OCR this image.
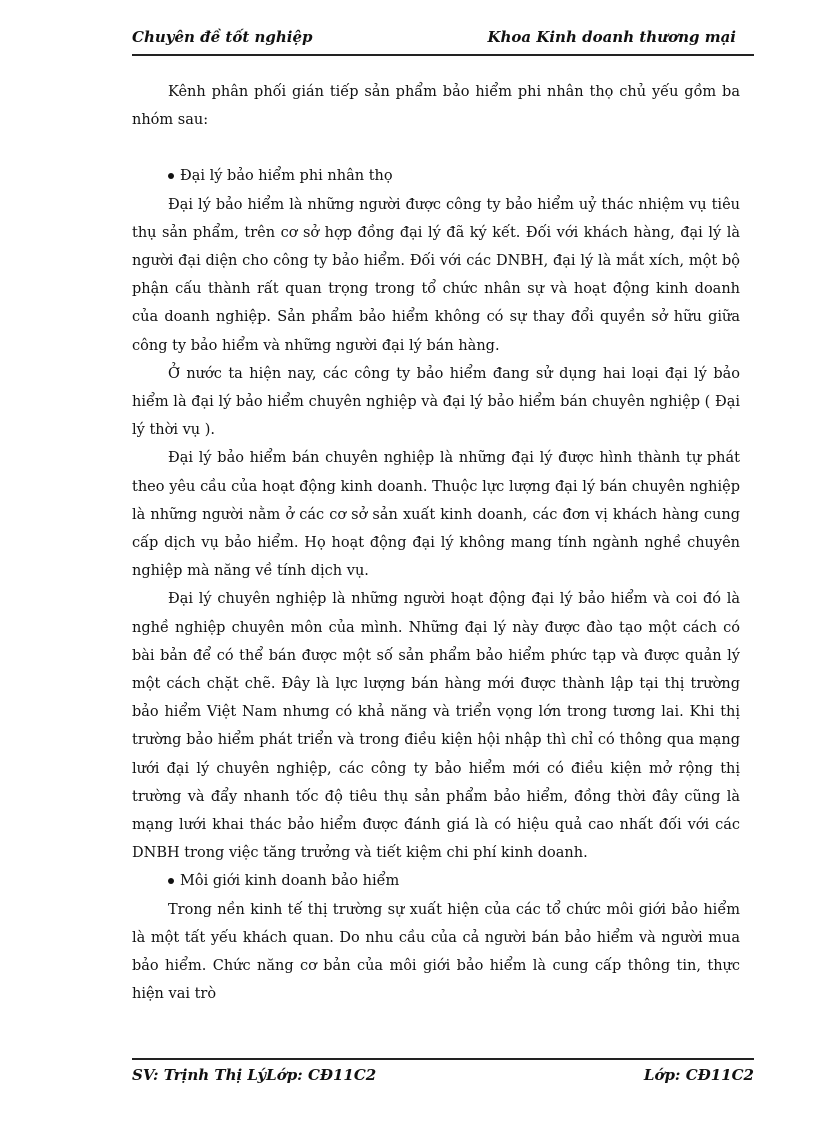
Chuyên đề tốt nghiệp	Khoa Kinh doanh thương mại

Kênh phân phối gián tiếp sản phẩm bảo hiểm phi nhân thọ chủ yếu gồm ba nhóm sau:

Đại lý bảo hiểm phi nhân thọ

Đại lý bảo hiểm là những người được công ty bảo hiểm uỷ thác nhiệm vụ tiêu thụ sản phẩm, trên cơ sở hợp đồng đại lý đã ký kết. Đối với khách hàng, đại lý là người đại diện cho công ty bảo hiểm. Đối với các DNBH, đại lý là mắt xích, một bộ phận cấu thành rất quan trọng trong tổ chức nhân sự và hoạt động kinh doanh của doanh nghiệp. Sản phẩm bảo hiểm không có sự thay đổi quyền sở hữu giữa công ty bảo hiểm và những người đại lý bán hàng.

Ở nước ta hiện nay, các công ty bảo hiểm đang sử dụng hai loại đại lý bảo hiểm là đại lý bảo hiểm chuyên nghiệp và đại lý bảo hiểm bán chuyên nghiệp ( Đại lý thời vụ ).

Đại lý bảo hiểm bán chuyên nghiệp là những đại lý được hình thành tự phát theo yêu cầu của hoạt động kinh doanh. Thuộc lực lượng đại lý bán chuyên nghiệp là những người nằm ở các cơ sở sản xuất kinh doanh, các đơn vị khách hàng cung cấp dịch vụ bảo hiểm. Họ hoạt động đại lý không mang tính ngành nghề chuyên nghiệp mà năng về tính dịch vụ.

Đại lý chuyên nghiệp là những người hoạt động đại lý bảo hiểm và coi đó là nghề nghiệp chuyên môn của mình. Những đại lý này được đào tạo một cách có bài bản để có thể bán được một số sản phẩm bảo hiểm phức tạp và được quản lý một cách chặt chẽ. Đây là lực lượng bán hàng mới được thành lập tại thị trường bảo hiểm Việt Nam nhưng có khả năng và triển vọng lớn trong tương lai. Khi thị trường bảo hiểm phát triển và trong điều kiện hội nhập thì chỉ có thông qua mạng lưới đại lý chuyên nghiệp, các công ty bảo hiểm mới có điều kiện mở rộng thị trường và đẩy nhanh tốc độ tiêu thụ sản phẩm bảo hiểm, đồng thời đây cũng là mạng lưới khai thác bảo hiểm được đánh giá là có hiệu quả cao nhất đối với các DNBH trong việc tăng trưởng và tiết kiệm chi phí kinh doanh.

Môi giới kinh doanh bảo hiểm

Trong nền kinh tế thị trường sự xuất hiện của các tổ chức môi giới bảo hiểm là một tất yếu khách quan. Do nhu cầu của cả người bán bảo hiểm và người mua bảo hiểm. Chức năng cơ bản của môi giới bảo hiểm là cung cấp thông tin, thực hiện vai trò

SV: Trịnh Thị LýLớp: CĐ11C2	Lớp: CĐ11C2
